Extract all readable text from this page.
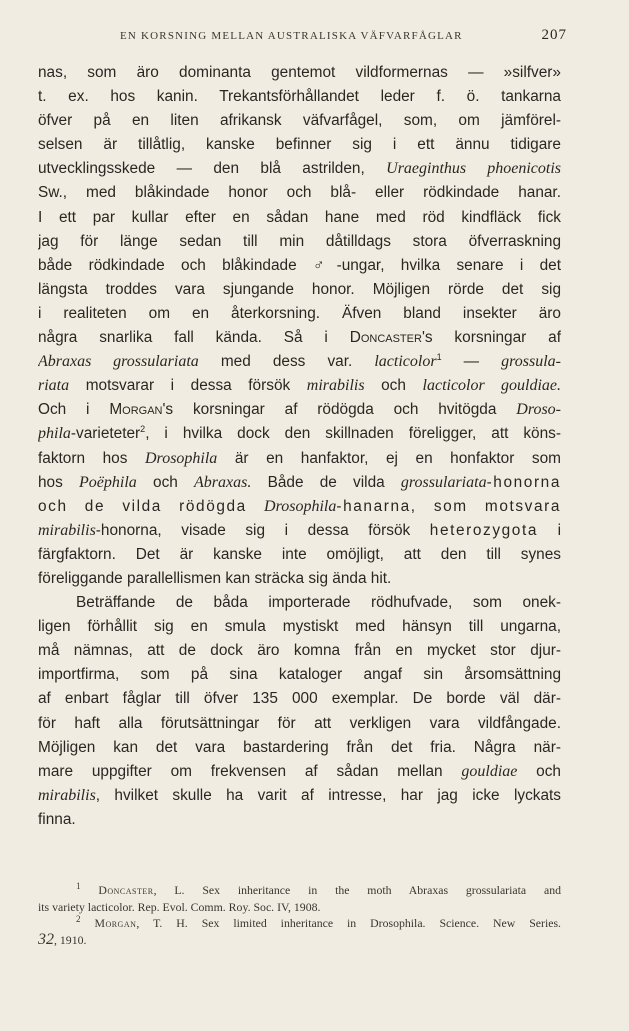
EN KORSNING MELLAN AUSTRALISKA VÄFVARFÅGLAR	207
nas, som äro dominanta gentemot vildformernas — »silfver»
t. ex. hos kanin. Trekantsförhållandet leder f. ö. tankarna
öfver på en liten afrikansk väfvarfågel, som, om jämförel-
selsen är tillåtlig, kanske befinner sig i ett ännu tidigare
utvecklingsskede — den blå astrilden, Uraeginthus phoenicotis
Sw., med blåkindade honor och blå- eller rödkindade hanar.
I ett par kullar efter en sådan hane med röd kindfläck fick
jag för länge sedan till min dåtilldags stora öfverraskning
både rödkindade och blåkindade ♂-ungar, hvilka senare i det
längsta troddes vara sjungande honor. Möjligen rörde det sig
i realiteten om en återkorsning. Äfven bland insekter äro
några snarlika fall kända. Så i Doncaster's korsningar af
Abraxas grossulariata med dess var. lacticolor$^1$ — grossula-
riata motsvarar i dessa försök mirabilis och lacticolor gouldiae.
Och i Morgan's korsningar af rödögda och hvitögda Droso-
phila-varieteter$^2$, i hvilka dock den skillnaden föreligger, att köns-
faktorn hos Drosophila är en hanfaktor, ej en honfaktor som
hos Poëphila och Abraxas. Både de vilda grossulariata-honorna
och de vilda rödögda Drosophila-hanarna, som motsvara
mirabilis-honorna, visade sig i dessa försök heterozygota i
färgfaktorn. Det är kanske inte omöjligt, att den till synes
föreliggande parallellismen kan sträcka sig ända hit.
Beträffande de båda importerade rödhufvade, som onek-
ligen förhållit sig en smula mystiskt med hänsyn till ungarna,
må nämnas, att de dock äro komna från en mycket stor djur-
importfirma, som på sina kataloger angaf sin årsomsättning
af enbart fåglar till öfver 135 000 exemplar. De borde väl där-
för haft alla förutsättningar för att verkligen vara vildfångade.
Möjligen kan det vara bastardering från det fria. Några när-
mare uppgifter om frekvensen af sådan mellan gouldiae och
mirabilis, hvilket skulle ha varit af intresse, har jag icke lyckats
finna.
$^1$ Doncaster, L. Sex inheritance in the moth Abraxas grossulariata and
its variety lacticolor. Rep. Evol. Comm. Roy. Soc. IV, 1908.
$^2$ Morgan, T. H. Sex limited inheritance in Drosophila. Science. New Series.
32, 1910.
